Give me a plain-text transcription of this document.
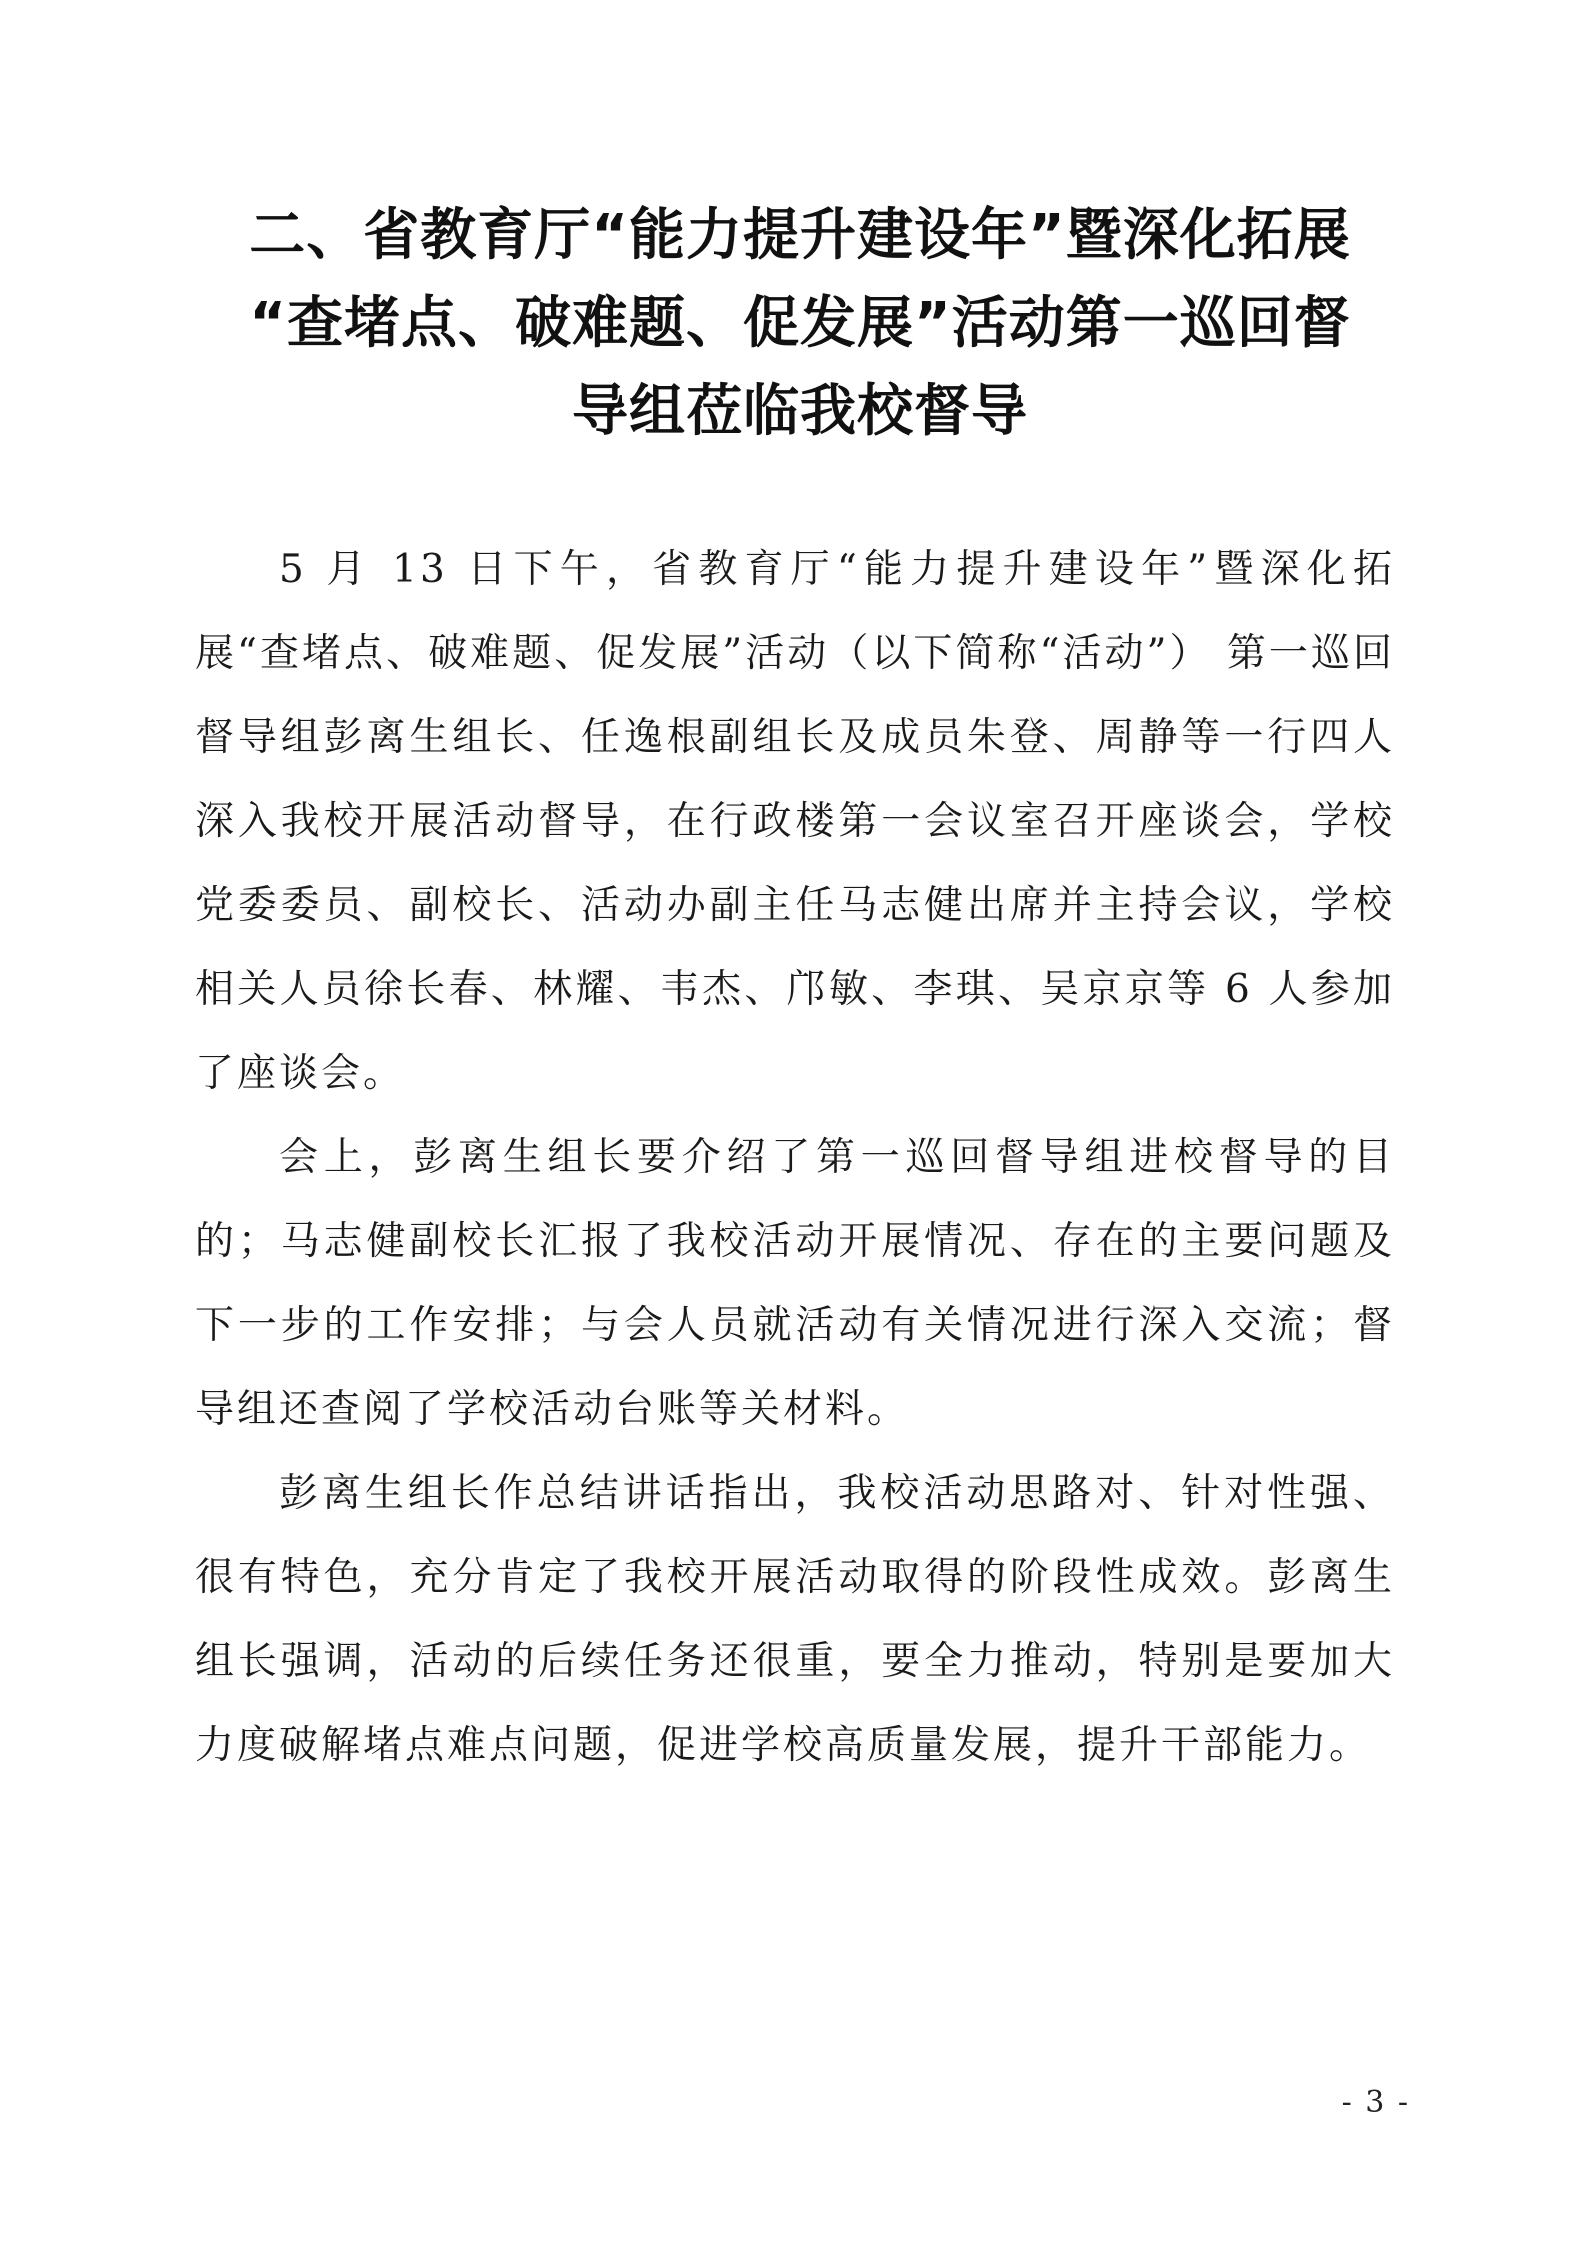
二、省教育厅“能力提升建设年”暨深化拓展
“查堵点、破难题、促发展”活动第一巡回督
导组莅临我校督导

5 月 13 日下午，省教育厅“能力提升建设年”暨深化拓展“查堵点、破难题、促发展”活动（以下简称“活动”） 第一巡回督导组彭离生组长、任逸根副组长及成员朱登、周静等一行四人深入我校开展活动督导，在行政楼第一会议室召开座谈会，学校党委委员、副校长、活动办副主任马志健出席并主持会议，学校相关人员徐长春、林耀、韦杰、邝敏、李琪、吴京京等 6 人参加了座谈会。

会上，彭离生组长要介绍了第一巡回督导组进校督导的目的；马志健副校长汇报了我校活动开展情况、存在的主要问题及下一步的工作安排；与会人员就活动有关情况进行深入交流；督导组还查阅了学校活动台账等关材料。

彭离生组长作总结讲话指出，我校活动思路对、针对性强、很有特色，充分肯定了我校开展活动取得的阶段性成效。彭离生组长强调，活动的后续任务还很重，要全力推动，特别是要加大力度破解堵点难点问题，促进学校高质量发展，提升干部能力。

- 3 -
